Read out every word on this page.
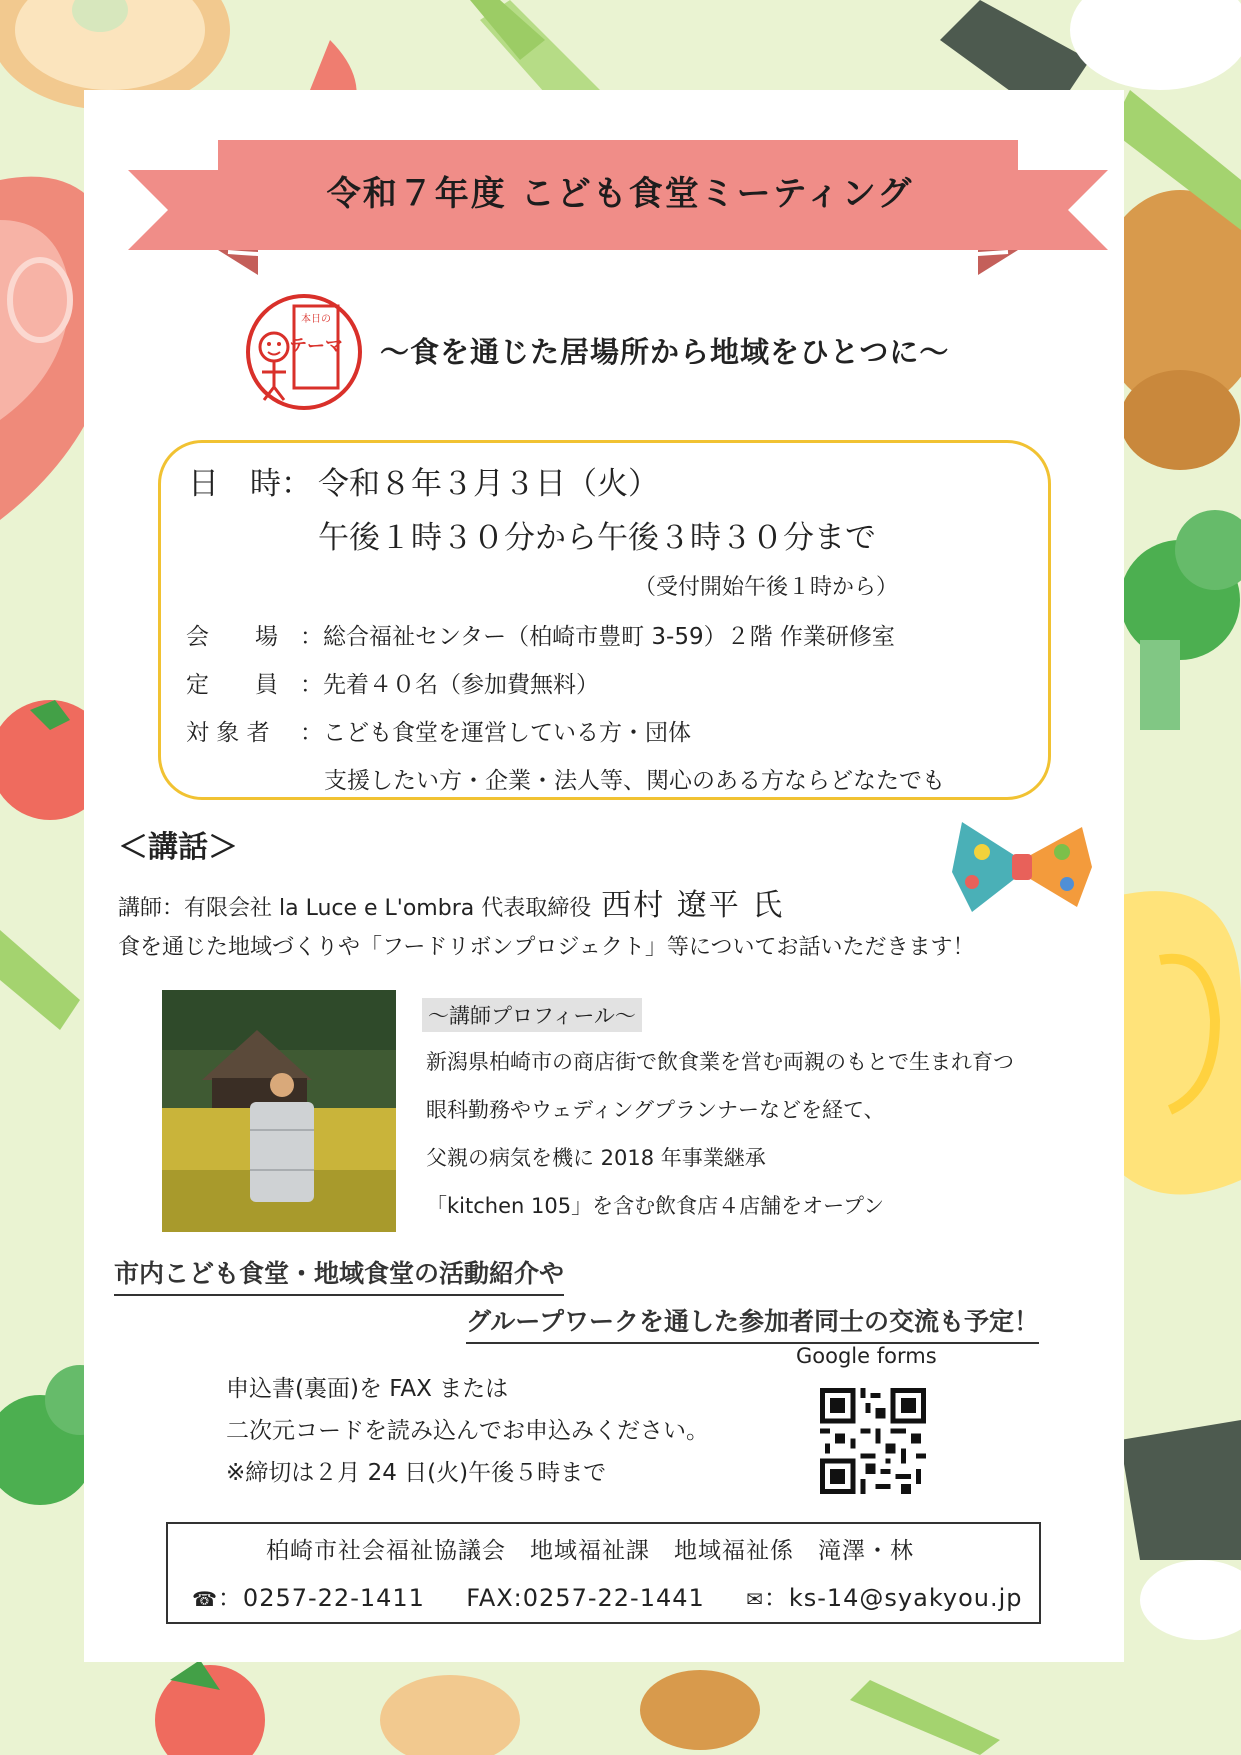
令和７年度 こども食堂ミーティング
本日の
テーマ ～食を通じた居場所から地域をひとつに～
日　時： 令和８年３月３日（火）
午後１時３０分から午後３時３０分まで
（受付開始午後１時から）
会　　場 ：総合福祉センター（柏崎市豊町 3-59）２階 作業研修室
定　　員 ：先着４０名（参加費無料）
対 象 者 ：こども食堂を運営している方・団体
支援したい方・企業・法人等、関心のある方ならどなたでも
＜講話＞
講師：有限会社 la Luce e L'ombra 代表取締役 西村 遼平 氏
食を通じた地域づくりや「フードリボンプロジェクト」等についてお話いただきます！
～講師プロフィール～
新潟県柏崎市の商店街で飲食業を営む両親のもとで生まれ育つ
眼科勤務やウェディングプランナーなどを経て、
父親の病気を機に 2018 年事業継承
「kitchen 105」を含む飲食店４店舗をオープン
市内こども食堂・地域食堂の活動紹介や
グループワークを通した参加者同士の交流も予定！
申込書(裏面)を FAX または
二次元コードを読み込んでお申込みください。
※締切は２月 24 日(火)午後５時まで
Google forms
柏崎市社会福祉協議会　地域福祉課　地域福祉係　滝澤・林
☎：0257-22-1411 FAX:0257-22-1441 ✉：ks-14@syakyou.jp
